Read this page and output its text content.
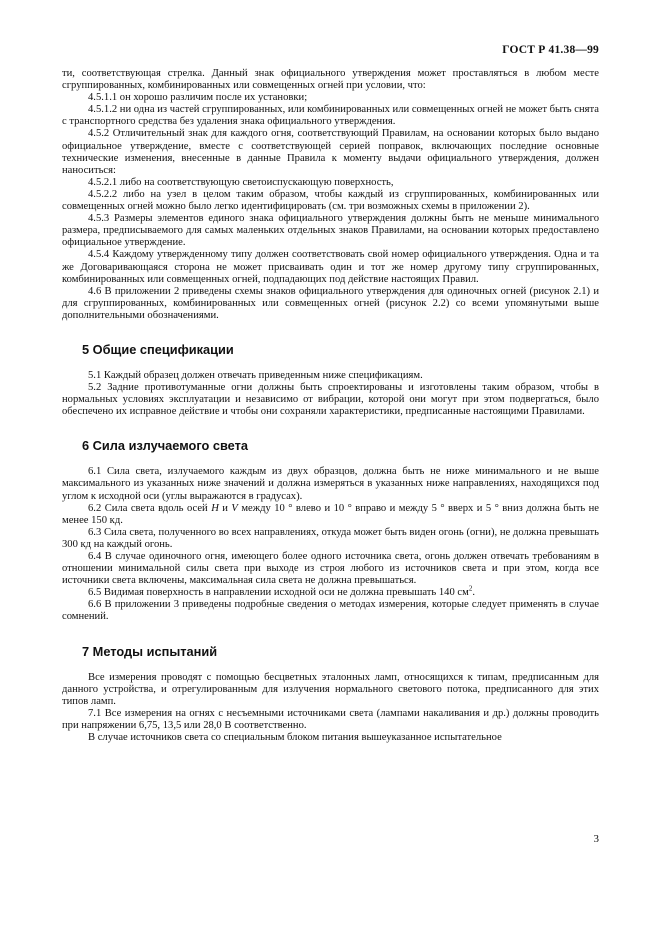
ГОСТ Р 41.38—99

ти, соответствующая стрелка. Данный знак официального утверждения может проставляться в любом месте сгруппированных, комбинированных или совмещенных огней при условии, что:

4.5.1.1 он хорошо различим после их установки;

4.5.1.2 ни одна из частей сгруппированных, или комбинированных или совмещенных огней не может быть снята с транспортного средства без удаления знака официального утверждения.

4.5.2 Отличительный знак для каждого огня, соответствующий Правилам, на основании которых было выдано официальное утверждение, вместе с соответствующей серией поправок, включающих последние основные технические изменения, внесенные в данные Правила к моменту выдачи официального утверждения, должен наноситься:

4.5.2.1 либо на соответствующую светоиспускающую поверхность,

4.5.2.2 либо на узел в целом таким образом, чтобы каждый из сгруппированных, комбинированных или совмещенных огней можно было легко идентифицировать (см. три возможных схемы в приложении 2).

4.5.3 Размеры элементов единого знака официального утверждения должны быть не меньше минимального размера, предписываемого для самых маленьких отдельных знаков Правилами, на основании которых предоставлено официальное утверждение.

4.5.4 Каждому утвержденному типу должен соответствовать свой номер официального утверждения. Одна и та же Договаривающаяся сторона не может присваивать один и тот же номер другому типу сгруппированных, комбинированных или совмещенных огней, подпадающих под действие настоящих Правил.

4.6 В приложении 2 приведены схемы знаков официального утверждения для одиночных огней (рисунок 2.1) и для сгруппированных, комбинированных или совмещенных огней (рисунок 2.2) со всеми упомянутыми выше дополнительными обозначениями.

5 Общие спецификации

5.1 Каждый образец должен отвечать приведенным ниже спецификациям.

5.2 Задние противотуманные огни должны быть спроектированы и изготовлены таким образом, чтобы в нормальных условиях эксплуатации и независимо от вибрации, которой они могут при этом подвергаться, было обеспечено их исправное действие и чтобы они сохраняли характеристики, предписанные настоящими Правилами.

6 Сила излучаемого света

6.1 Сила света, излучаемого каждым из двух образцов, должна быть не ниже минимального и не выше максимального из указанных ниже значений и должна измеряться в указанных ниже направлениях, находящихся под углом к исходной оси (углы выражаются в градусах).

6.2 Сила света вдоль осей H и V между 10 ° влево и 10 ° вправо и между 5 ° вверх и 5 ° вниз должна быть не менее 150 кд.

6.3 Сила света, полученного во всех направлениях, откуда может быть виден огонь (огни), не должна превышать 300 кд на каждый огонь.

6.4 В случае одиночного огня, имеющего более одного источника света, огонь должен отвечать требованиям в отношении минимальной силы света при выходе из строя любого из источников света и при этом, когда все источники света включены, максимальная сила света не должна превышаться.

6.5 Видимая поверхность в направлении исходной оси не должна превышать 140 $см^2$.

6.6 В приложении 3 приведены подробные сведения о методах измерения, которые следует применять в случае сомнений.

7 Методы испытаний

Все измерения проводят с помощью бесцветных эталонных ламп, относящихся к типам, предписанным для данного устройства, и отрегулированным для излучения нормального светового потока, предписанного для этих типов ламп.

7.1 Все измерения на огнях с несъемными источниками света (лампами накаливания и др.) должны проводить при напряжении 6,75, 13,5 или 28,0 В соответственно.

В случае источников света со специальным блоком питания вышеуказанное испытательное

3
